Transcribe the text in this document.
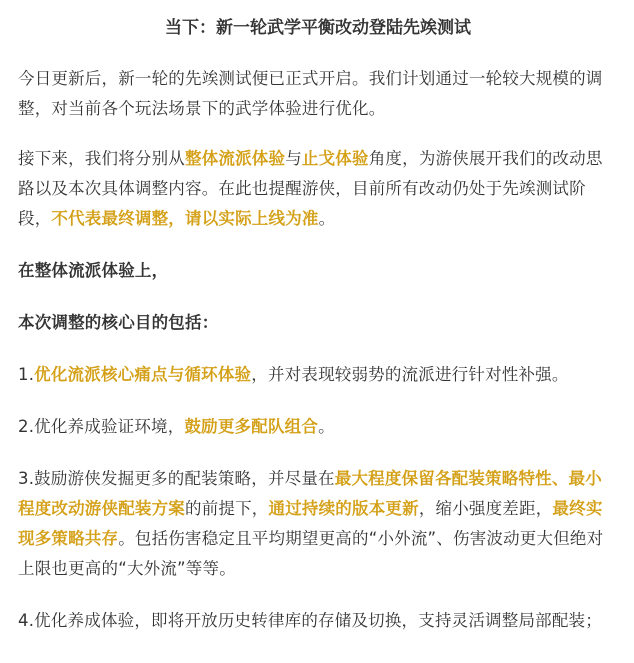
当下：新一轮武学平衡改动登陆先竢测试

今日更新后，新一轮的先竢测试便已正式开启。我们计划通过一轮较大规模的调
整，对当前各个玩法场景下的武学体验进行优化。

接下来，我们将分别从整体流派体验与止戈体验角度，为游侠展开我们的改动思
路以及本次具体调整内容。在此也提醒游侠，目前所有改动仍处于先竢测试阶
段，不代表最终调整，请以实际上线为准。

在整体流派体验上，

本次调整的核心目的包括：

1.优化流派核心痛点与循环体验，并对表现较弱势的流派进行针对性补强。

2.优化养成验证环境，鼓励更多配队组合。

3.鼓励游侠发掘更多的配装策略，并尽量在最大程度保留各配装策略特性、最小
程度改动游侠配装方案的前提下，通过持续的版本更新，缩小强度差距，最终实
现多策略共存。包括伤害稳定且平均期望更高的“小外流”、伤害波动更大但绝对
上限也更高的“大外流”等等。

4.优化养成体验，即将开放历史转律库的存储及切换，支持灵活调整局部配装；
